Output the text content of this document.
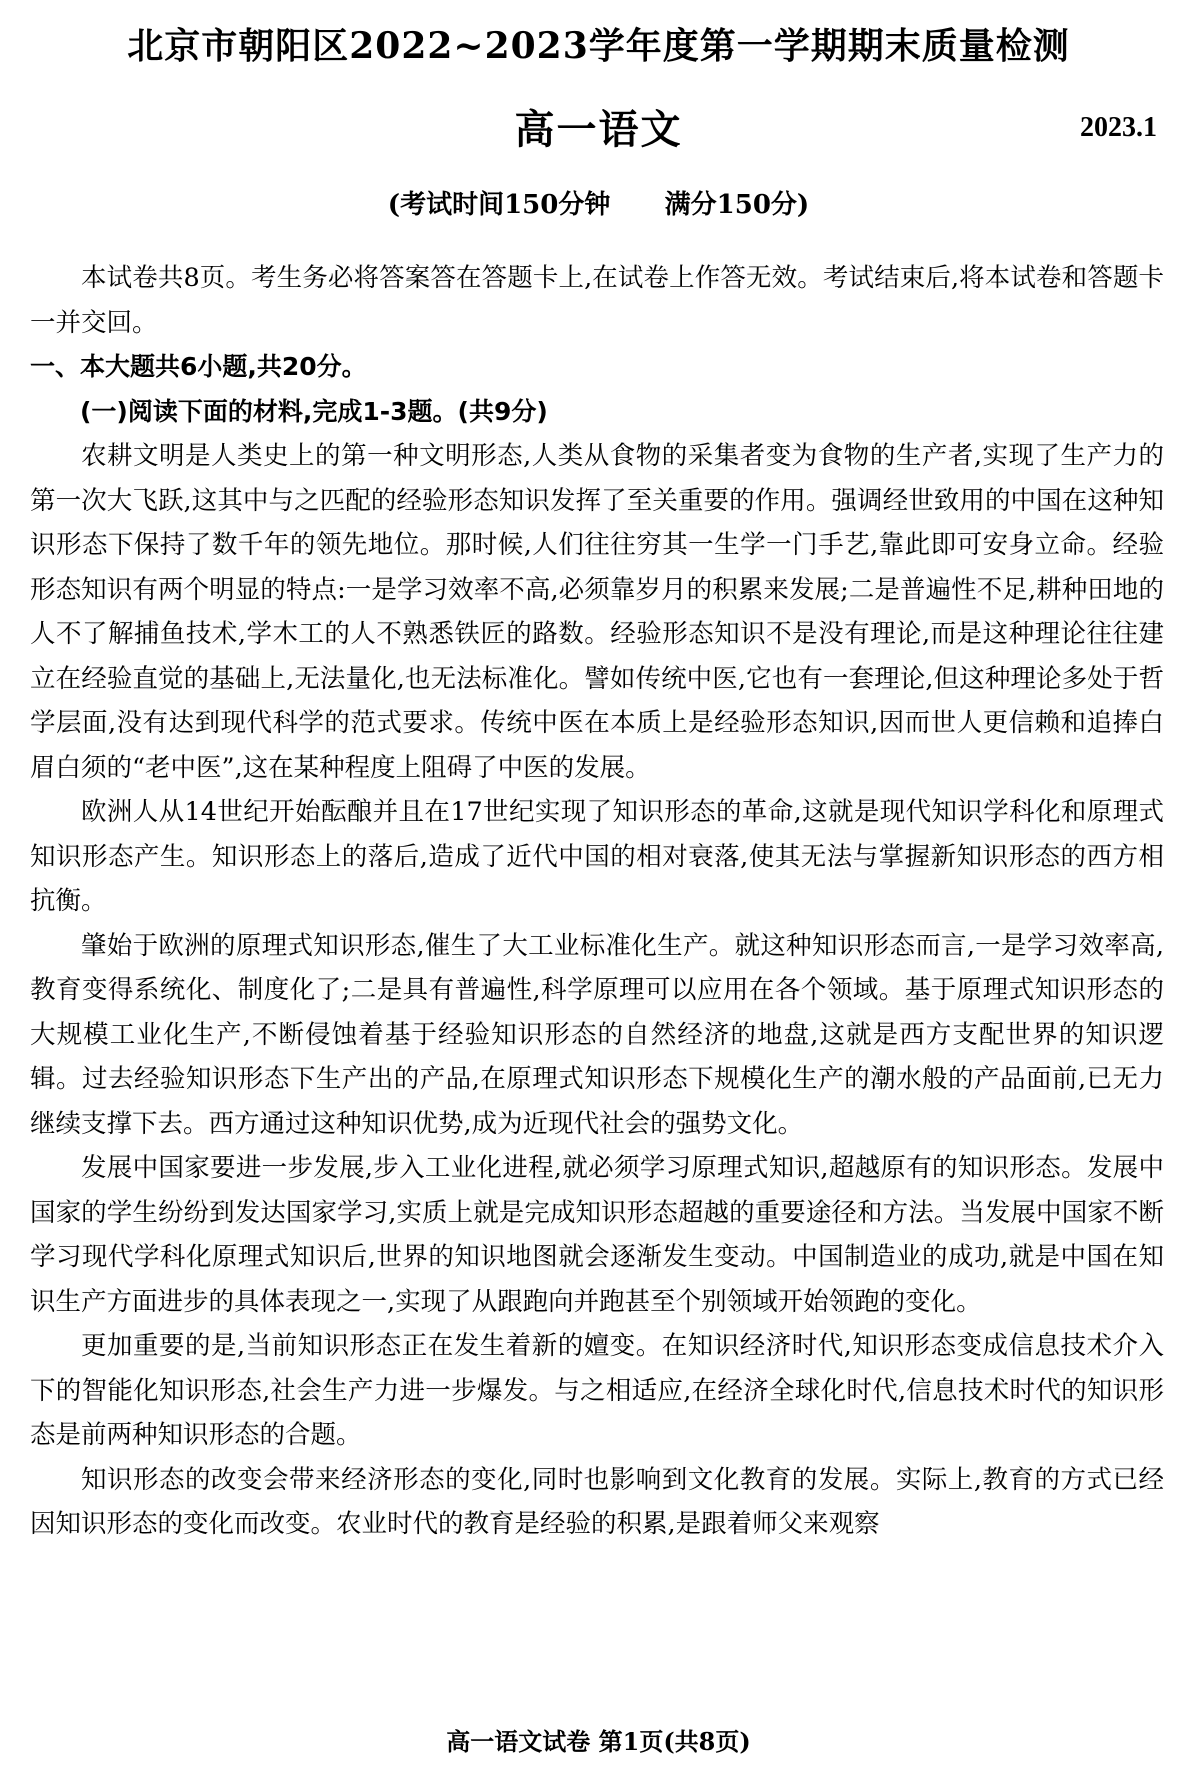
北京市朝阳区2022~2023学年度第一学期期末质量检测
高一语文	2023.1
(考试时间150分钟      满分150分)

本试卷共8页。考生务必将答案答在答题卡上,在试卷上作答无效。考试结束后,将本试卷和答题卡一并交回。

一、本大题共6小题,共20分。

(一)阅读下面的材料,完成1-3题。(共9分)

农耕文明是人类史上的第一种文明形态,人类从食物的采集者变为食物的生产者,实现了生产力的第一次大飞跃,这其中与之匹配的经验形态知识发挥了至关重要的作用。强调经世致用的中国在这种知识形态下保持了数千年的领先地位。那时候,人们往往穷其一生学一门手艺,靠此即可安身立命。经验形态知识有两个明显的特点:一是学习效率不高,必须靠岁月的积累来发展;二是普遍性不足,耕种田地的人不了解捕鱼技术,学木工的人不熟悉铁匠的路数。经验形态知识不是没有理论,而是这种理论往往建立在经验直觉的基础上,无法量化,也无法标准化。譬如传统中医,它也有一套理论,但这种理论多处于哲学层面,没有达到现代科学的范式要求。传统中医在本质上是经验形态知识,因而世人更信赖和追捧白眉白须的“老中医”,这在某种程度上阻碍了中医的发展。

欧洲人从14世纪开始酝酿并且在17世纪实现了知识形态的革命,这就是现代知识学科化和原理式知识形态产生。知识形态上的落后,造成了近代中国的相对衰落,使其无法与掌握新知识形态的西方相抗衡。

肇始于欧洲的原理式知识形态,催生了大工业标准化生产。就这种知识形态而言,一是学习效率高,教育变得系统化、制度化了;二是具有普遍性,科学原理可以应用在各个领域。基于原理式知识形态的大规模工业化生产,不断侵蚀着基于经验知识形态的自然经济的地盘,这就是西方支配世界的知识逻辑。过去经验知识形态下生产出的产品,在原理式知识形态下规模化生产的潮水般的产品面前,已无力继续支撑下去。西方通过这种知识优势,成为近现代社会的强势文化。

发展中国家要进一步发展,步入工业化进程,就必须学习原理式知识,超越原有的知识形态。发展中国家的学生纷纷到发达国家学习,实质上就是完成知识形态超越的重要途径和方法。当发展中国家不断学习现代学科化原理式知识后,世界的知识地图就会逐渐发生变动。中国制造业的成功,就是中国在知识生产方面进步的具体表现之一,实现了从跟跑向并跑甚至个别领域开始领跑的变化。

更加重要的是,当前知识形态正在发生着新的嬗变。在知识经济时代,知识形态变成信息技术介入下的智能化知识形态,社会生产力进一步爆发。与之相适应,在经济全球化时代,信息技术时代的知识形态是前两种知识形态的合题。

知识形态的改变会带来经济形态的变化,同时也影响到文化教育的发展。实际上,教育的方式已经因知识形态的变化而改变。农业时代的教育是经验的积累,是跟着师父来观察

高一语文试卷 第1页(共8页)
